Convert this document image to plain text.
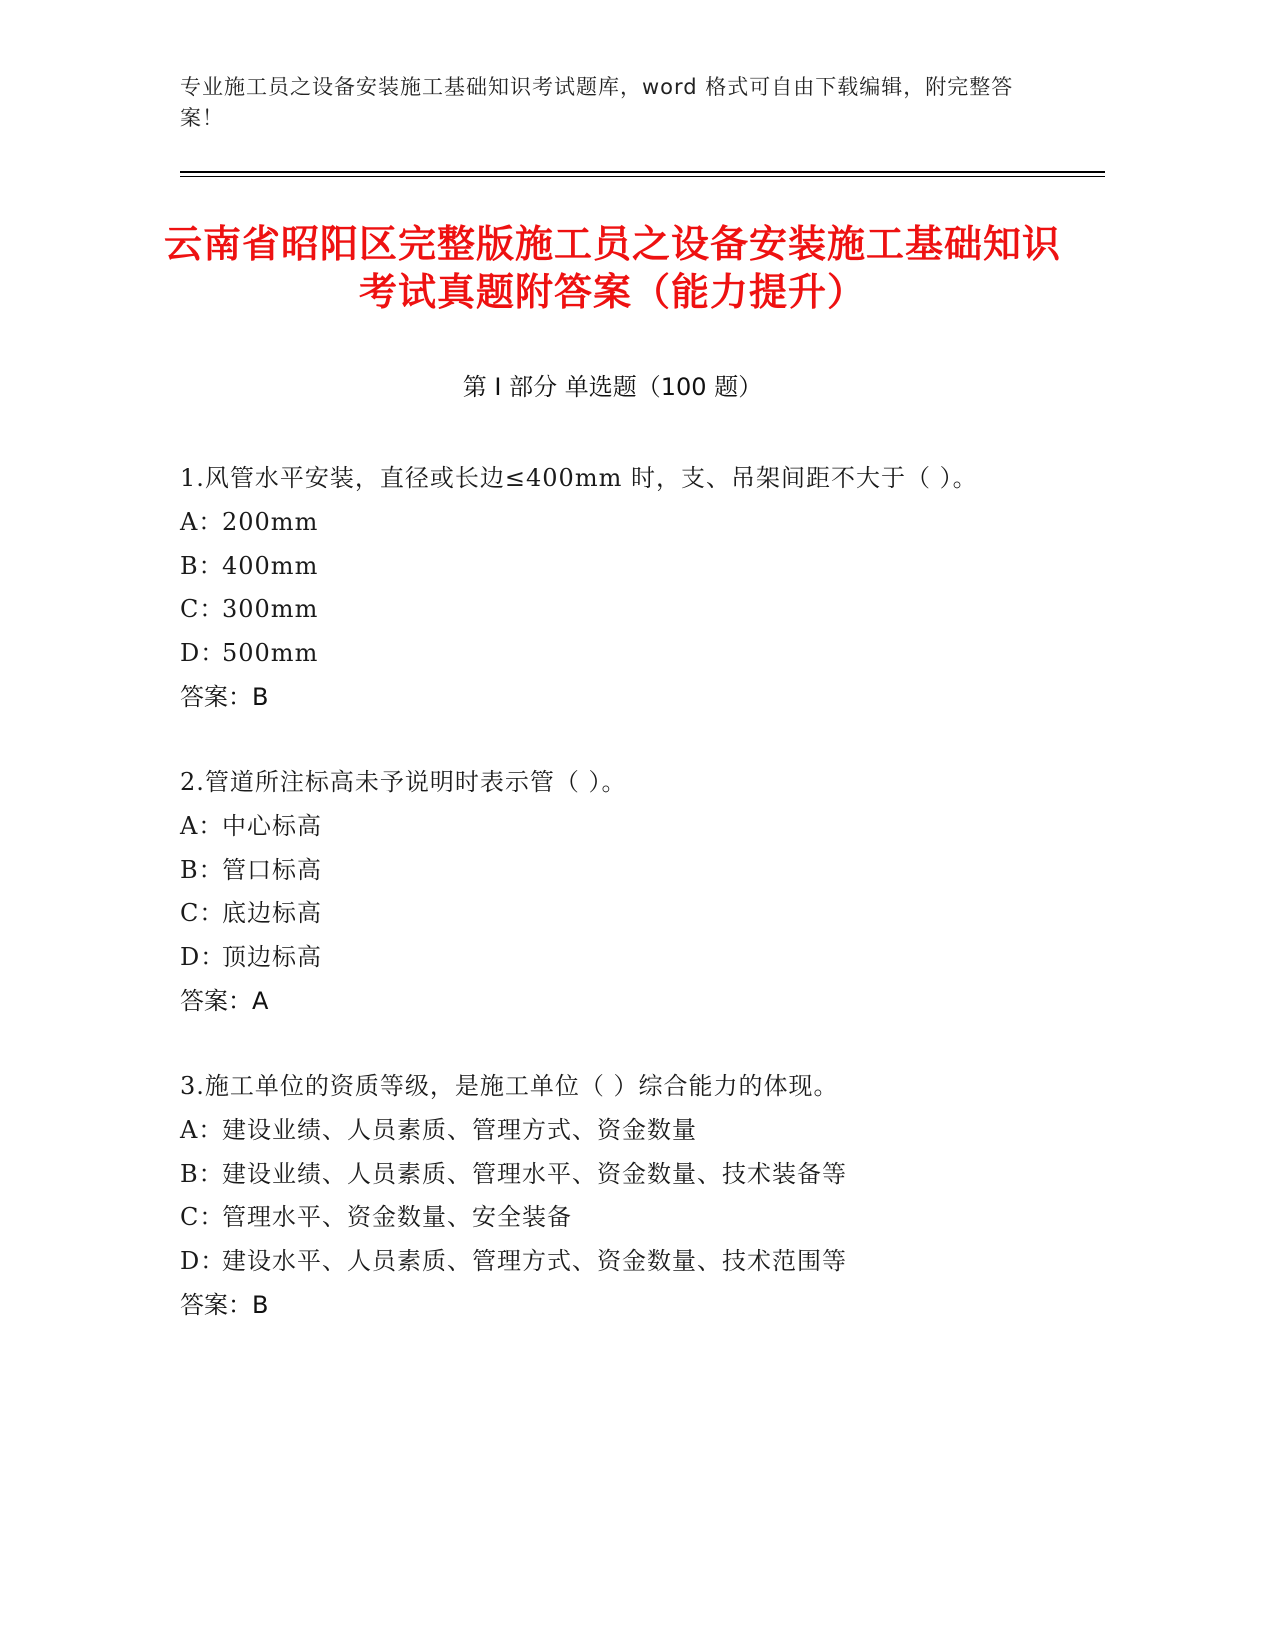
专业施工员之设备安装施工基础知识考试题库，word 格式可自由下载编辑，附完整答案！
云南省昭阳区完整版施工员之设备安装施工基础知识考试真题附答案（能力提升）
第 I 部分 单选题（100 题）

1.风管水平安装，直径或长边≤400mm 时，支、吊架间距不大于（ ）。

A：200mm

B：400mm

C：300mm

D：500mm

答案：B

2.管道所注标高未予说明时表示管（ ）。

A：中心标高

B：管口标高

C：底边标高

D：顶边标高

答案：A

3.施工单位的资质等级，是施工单位（ ）综合能力的体现。

A：建设业绩、人员素质、管理方式、资金数量

B：建设业绩、人员素质、管理水平、资金数量、技术装备等

C：管理水平、资金数量、安全装备

D：建设水平、人员素质、管理方式、资金数量、技术范围等

答案：B
